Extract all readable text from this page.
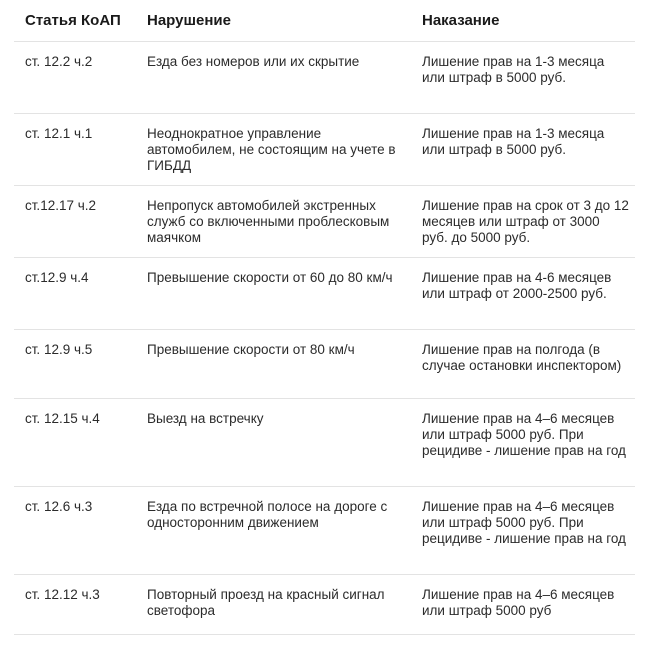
Статья КоАП	Нарушение	Наказание
ст. 12.2 ч.2	Езда без номеров или их скрытие	Лишение прав на 1-3 месяца или штраф в 5000 руб.
ст. 12.1 ч.1	Неоднократное управление автомобилем, не состоящим на учете в ГИБДД	Лишение прав на 1-3 месяца или штраф в 5000 руб.
ст.12.17 ч.2	Непропуск автомобилей экстренных служб со включенными проблесковым маячком	Лишение прав на срок от 3 до 12 месяцев или штраф от 3000 руб. до 5000 руб.
ст.12.9 ч.4	Превышение скорости от 60 до 80 км/ч	Лишение прав на 4-6 месяцев или штраф от 2000-2500 руб.
ст. 12.9 ч.5	Превышение скорости от 80 км/ч	Лишение прав на полгода (в случае остановки инспектором)
ст. 12.15 ч.4	Выезд на встречку	Лишение прав на 4–6 месяцев или штраф 5000 руб. При рецидиве - лишение прав на год
ст. 12.6 ч.3	Езда по встречной полосе на дороге с односторонним движением	Лишение прав на 4–6 месяцев или штраф 5000 руб. При рецидиве - лишение прав на год
ст. 12.12 ч.3	Повторный проезд на красный сигнал светофора	Лишение прав на 4–6 месяцев или штраф 5000 руб
